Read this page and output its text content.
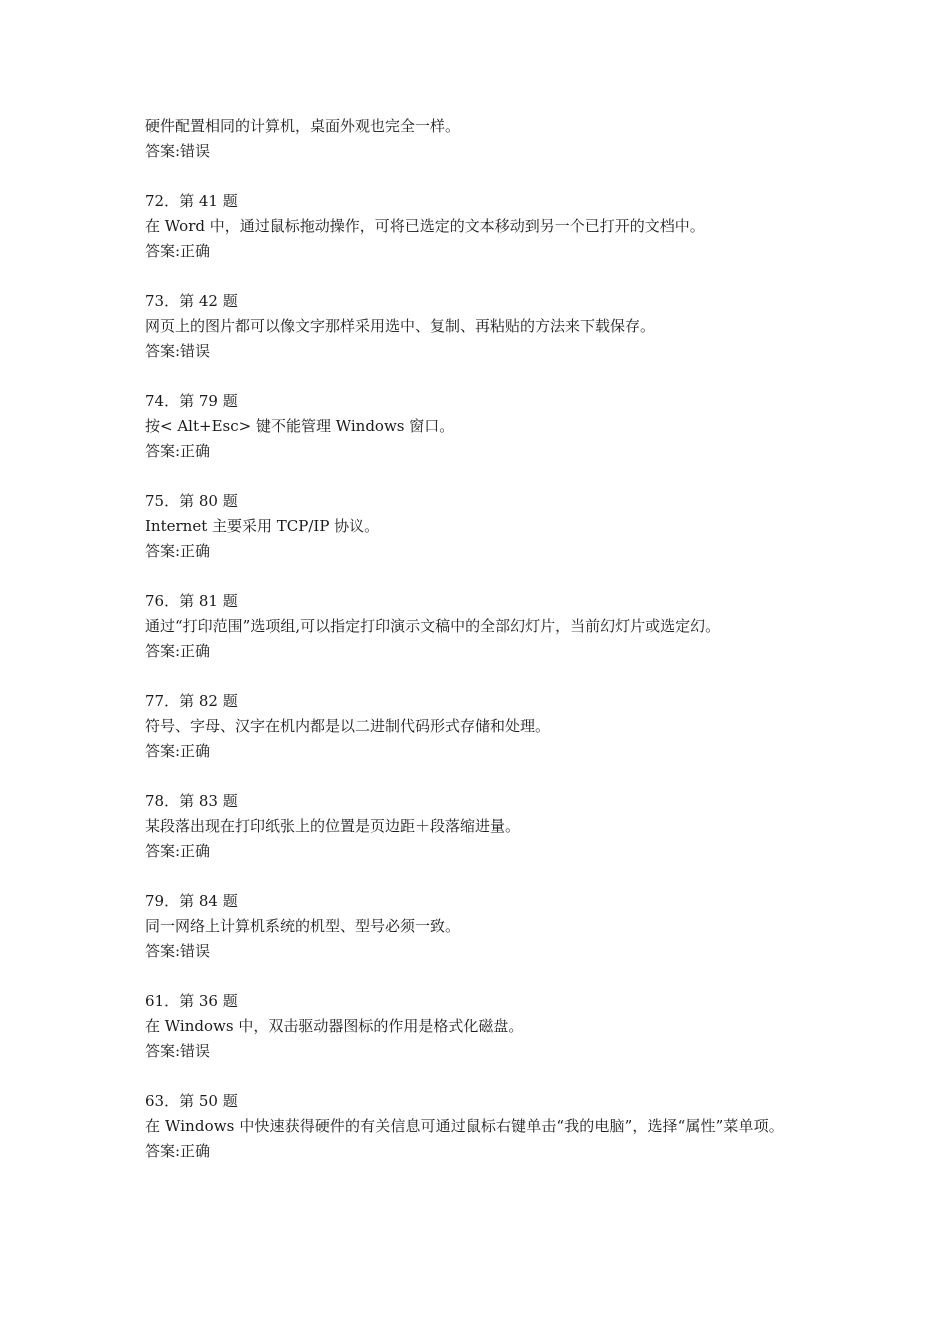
硬件配置相同的计算机，桌面外观也完全一样。
答案:错误
72．第 41 题
在 Word 中，通过鼠标拖动操作，可将已选定的文本移动到另一个已打开的文档中。
答案:正确
73．第 42 题
网页上的图片都可以像文字那样采用选中、复制、再粘贴的方法来下载保存。
答案:错误
74．第 79 题
按< Alt+Esc> 键不能管理 Windows 窗口。
答案:正确
75．第 80 题
Internet 主要采用 TCP/IP 协议。
答案:正确
76．第 81 题
通过“打印范围”选项组,可以指定打印演示文稿中的全部幻灯片，当前幻灯片或选定幻。
答案:正确
77．第 82 题
符号、字母、汉字在机内都是以二进制代码形式存储和处理。
答案:正确
78．第 83 题
某段落出现在打印纸张上的位置是页边距＋段落缩进量。
答案:正确
79．第 84 题
同一网络上计算机系统的机型、型号必须一致。
答案:错误
61．第 36 题
在 Windows 中，双击驱动器图标的作用是格式化磁盘。
答案:错误
63．第 50 题
在 Windows 中快速获得硬件的有关信息可通过鼠标右键单击“我的电脑”，选择“属性”菜单项。
答案:正确
